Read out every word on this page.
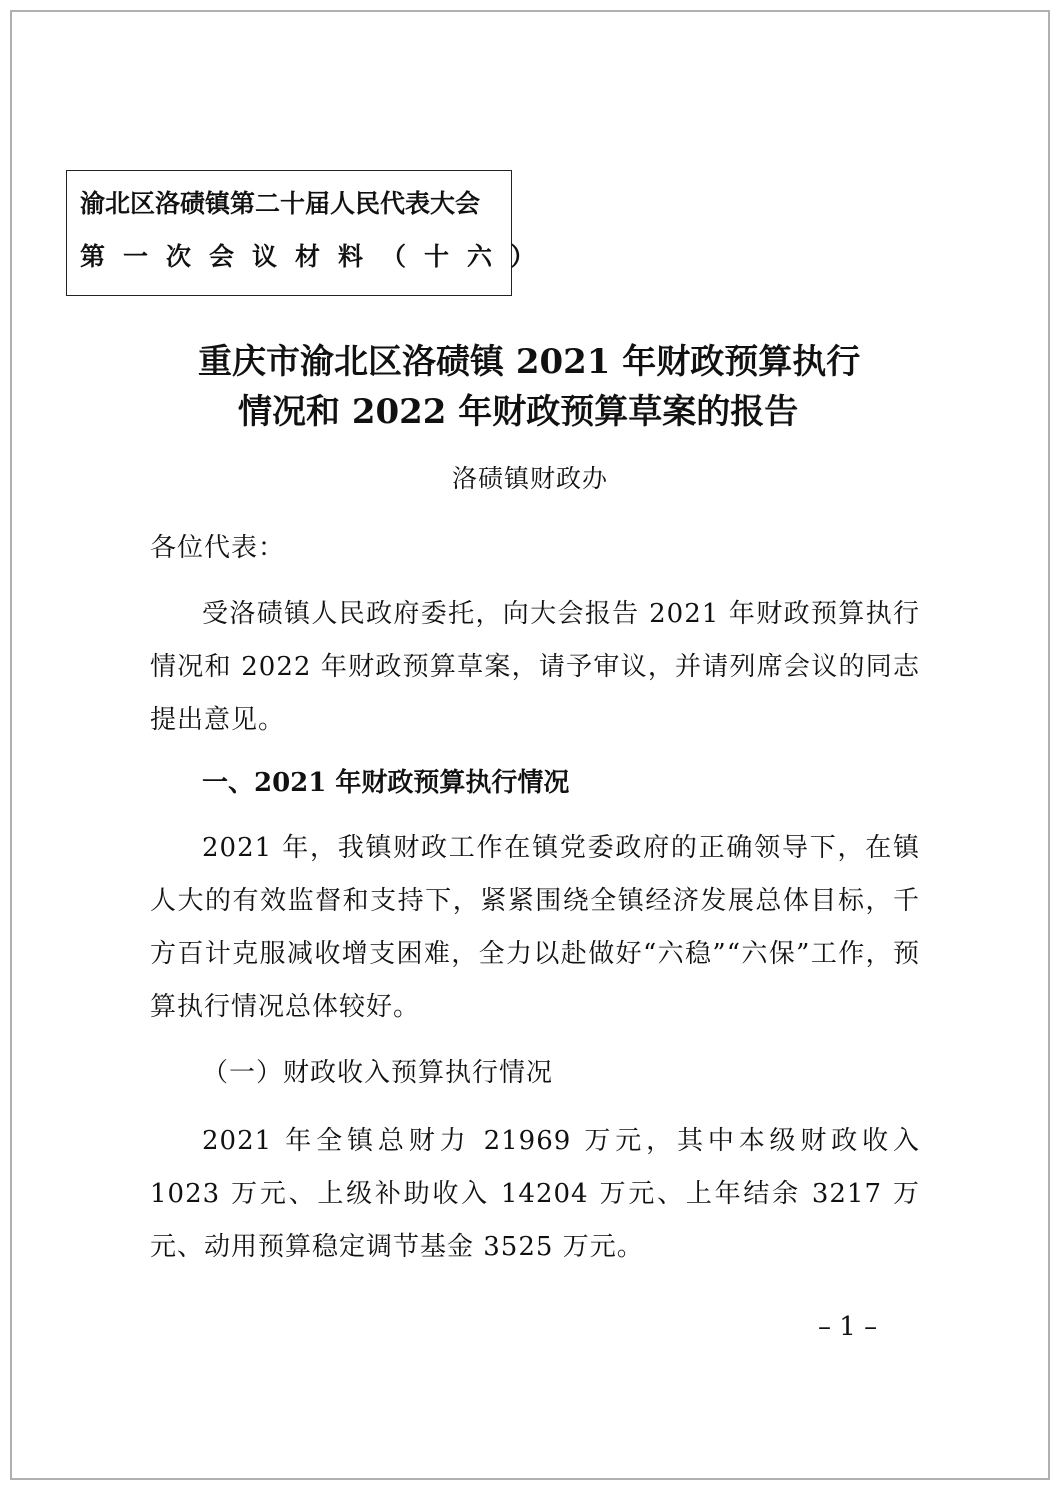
渝北区洛碛镇第二十届人民代表大会
第一次会议材料（十六）
重庆市渝北区洛碛镇 2021 年财政预算执行
情况和 2022 年财政预算草案的报告
洛碛镇财政办
各位代表：
受洛碛镇人民政府委托，向大会报告 2021 年财政预算执行情况和 2022 年财政预算草案，请予审议，并请列席会议的同志提出意见。
一、2021 年财政预算执行情况
2021 年，我镇财政工作在镇党委政府的正确领导下，在镇人大的有效监督和支持下，紧紧围绕全镇经济发展总体目标，千方百计克服减收增支困难，全力以赴做好“六稳”“六保”工作，预算执行情况总体较好。
（一）财政收入预算执行情况
2021 年全镇总财力 21969 万元，其中本级财政收入 1023 万元、上级补助收入 14204 万元、上年结余 3217 万元、动用预算稳定调节基金 3525 万元。
– 1 –
